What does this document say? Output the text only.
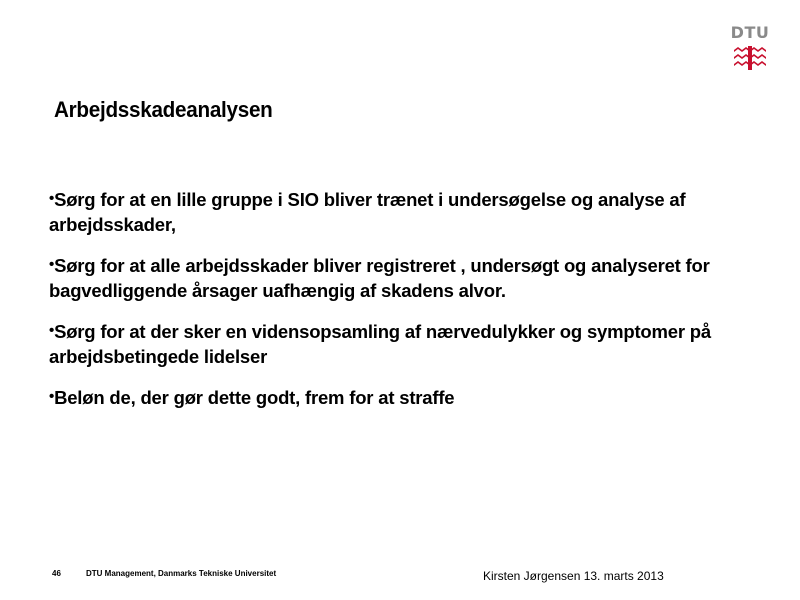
DTU
Arbejdsskadeanalysen
•Sørg for at en lille gruppe i SIO bliver trænet i undersøgelse og analyse af arbejdsskader,
•Sørg for at alle arbejdsskader bliver registreret , undersøgt og analyseret for bagvedliggende årsager uafhængig af skadens alvor.
•Sørg for at der sker en vidensopsamling af nærvedulykker og symptomer på arbejdsbetingede lidelser
•Beløn de, der gør dette godt, frem for at straffe
46	DTU Management, Danmarks Tekniske Universitet	Kirsten Jørgensen 13. marts 2013
